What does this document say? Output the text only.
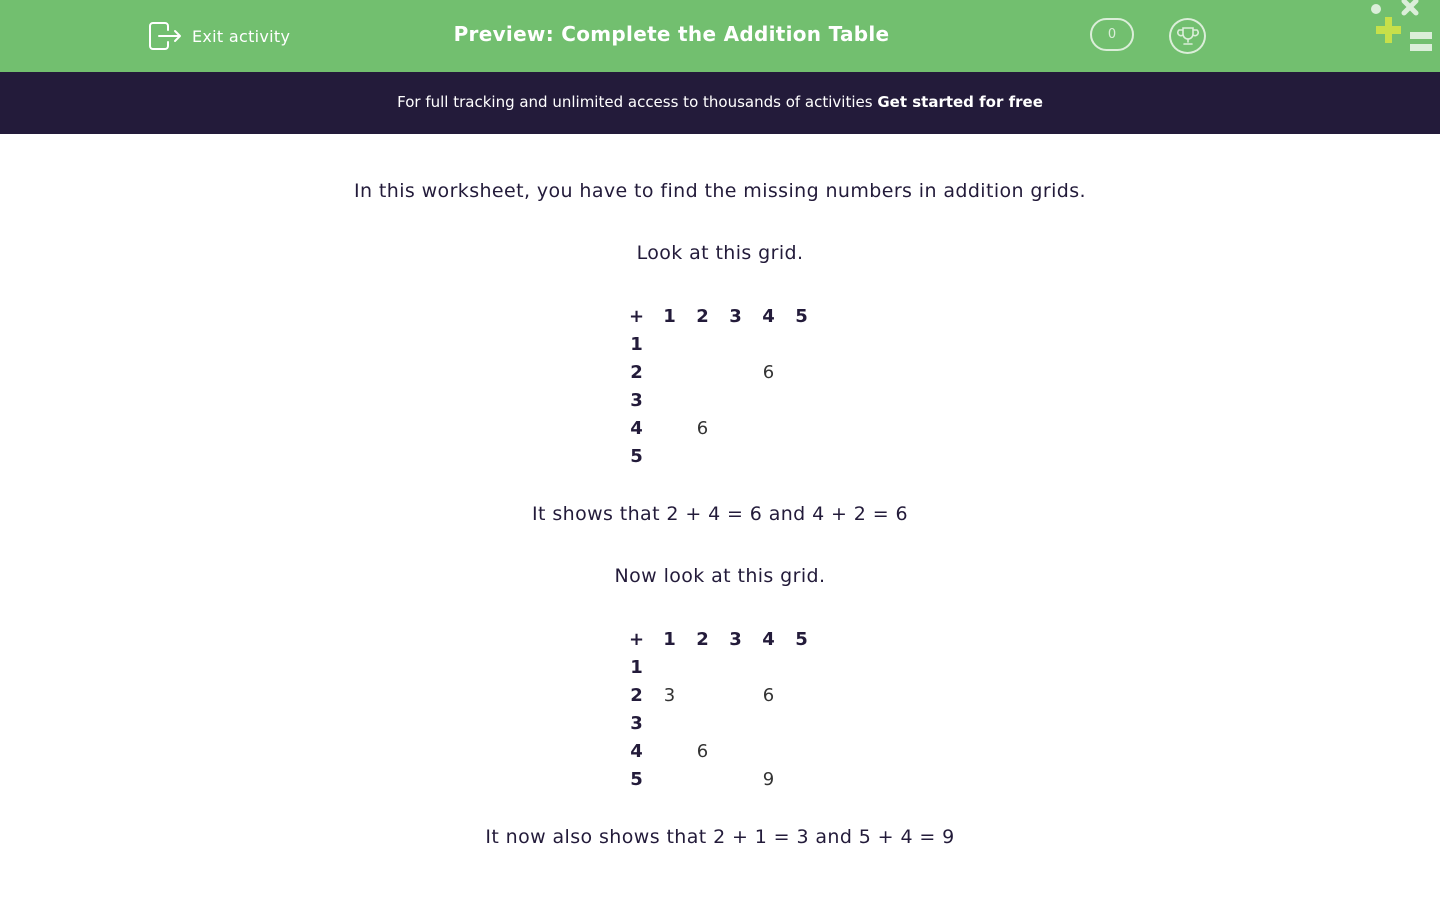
Exit activity	Preview: Complete the Addition Table	0
For full tracking and unlimited access to thousands of activities Get started for free
In this worksheet, you have to find the missing numbers in addition grids.
Look at this grid.
+	1	2	3	4	5
1					
2				6	
3					
4		6			
5					
It shows that 2 + 4 = 6 and 4 + 2 = 6
Now look at this grid.
+	1	2	3	4	5
1					
2	3			6	
3					
4		6			
5				9	
It now also shows that 2 + 1 = 3 and 5 + 4 = 9
